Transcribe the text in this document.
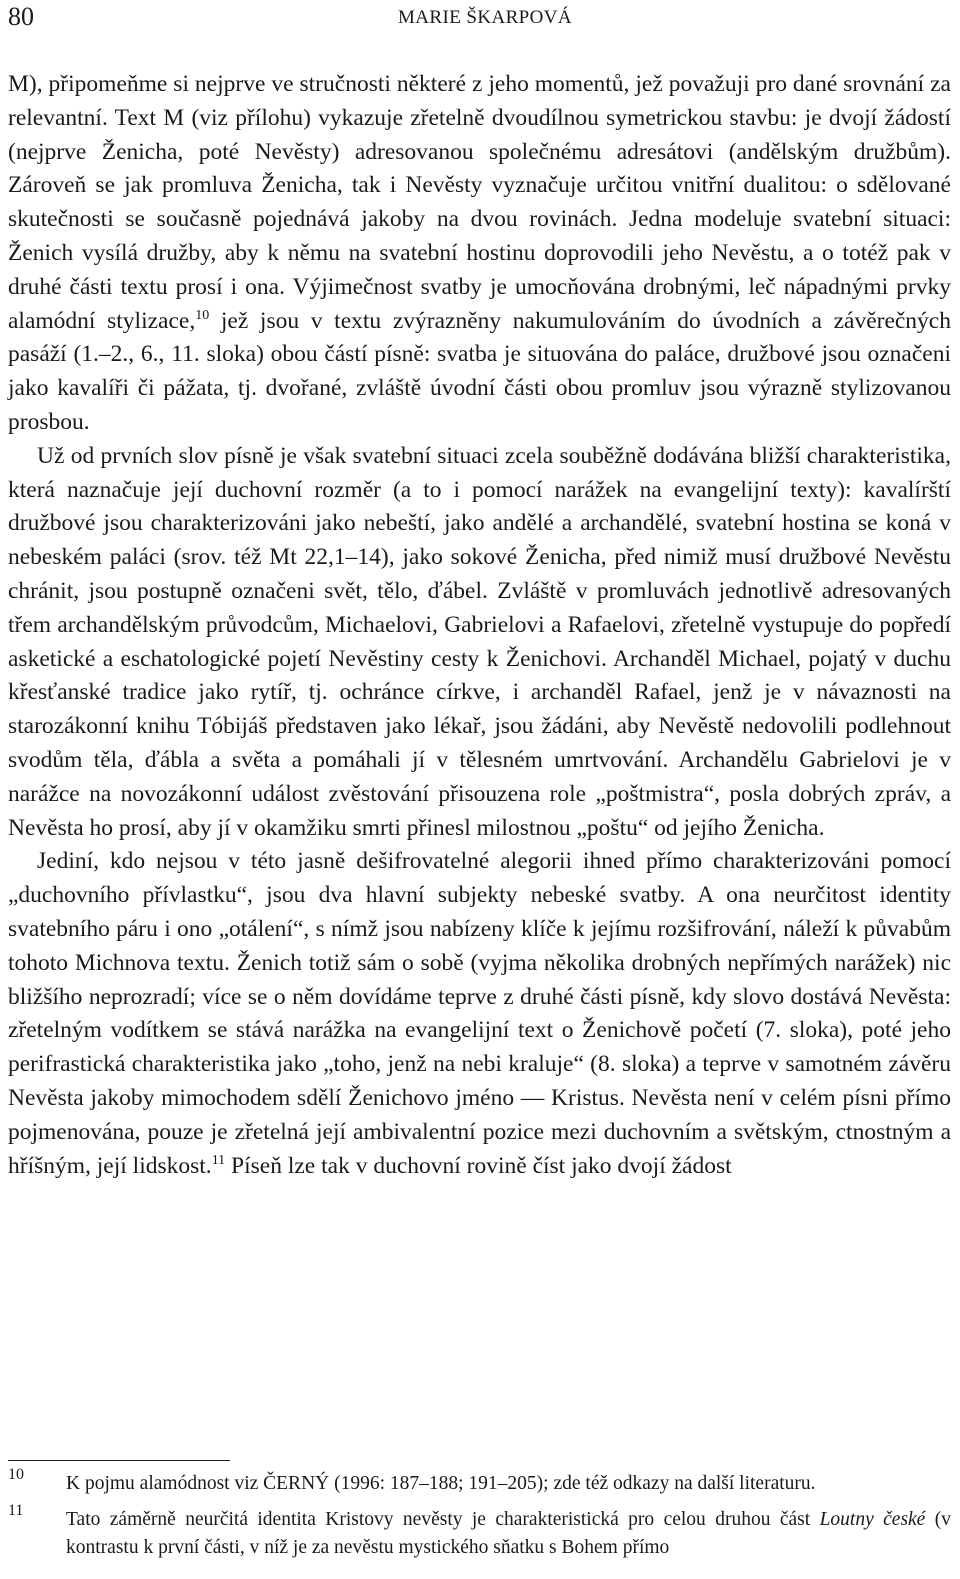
80	MARIE ŠKARPOVÁ

M), připomeňme si nejprve ve stručnosti některé z jeho momentů, jež považuji pro dané srovnání za relevantní. Text M (viz přílohu) vykazuje zřetelně dvoudílnou symetrickou stavbu: je dvojí žádostí (nejprve Ženicha, poté Nevěsty) adresovanou společnému adresátovi (andělským družbům). Zároveň se jak promluva Ženicha, tak i Nevěsty vyznačuje určitou vnitřní dualitou: o sdělované skutečnosti se současně pojednává jakoby na dvou rovinách. Jedna modeluje svatební situaci: Ženich vysílá družby, aby k němu na svatební hostinu doprovodili jeho Nevěstu, a o totéž pak v druhé části textu prosí i ona. Výjimečnost svatby je umocňována drobnými, leč nápadnými prvky alamódní stylizace,$^{10}$ jež jsou v textu zvýrazněny nakumulováním do úvodních a závěrečných pasáží (1.–2., 6., 11. sloka) obou částí písně: svatba je situována do paláce, družbové jsou označeni jako kavalíři či pážata, tj. dvořané, zvláště úvodní části obou promluv jsou výrazně stylizovanou prosbou.

Už od prvních slov písně je však svatební situaci zcela souběžně dodávána bližší charakteristika, která naznačuje její duchovní rozměr (a to i pomocí narážek na evangelijní texty): kavalírští družbové jsou charakterizováni jako nebeští, jako andělé a archandělé, svatební hostina se koná v nebeském paláci (srov. též Mt 22,1–14), jako sokové Ženicha, před nimiž musí družbové Nevěstu chránit, jsou postupně označeni svět, tělo, ďábel. Zvláště v promluvách jednotlivě adresovaných třem archandělským průvodcům, Michaelovi, Gabrielovi a Rafaelovi, zřetelně vystupuje do popředí asketické a eschatologické pojetí Nevěstiny cesty k Ženichovi. Archanděl Michael, pojatý v duchu křesťanské tradice jako rytíř, tj. ochránce církve, i archanděl Rafael, jenž je v návaznosti na starozákonní knihu Tóbijáš představen jako lékař, jsou žádáni, aby Nevěstě nedovolili podlehnout svodům těla, ďábla a světa a pomáhali jí v tělesném umrtvování. Archandělu Gabrielovi je v narážce na novozákonní událost zvěstování přisouzena role „poštmistra“, posla dobrých zpráv, a Nevěsta ho prosí, aby jí v okamžiku smrti přinesl milostnou „poštu“ od jejího Ženicha.

Jediní, kdo nejsou v této jasně dešifrovatelné alegorii ihned přímo charakterizováni pomocí „duchovního přívlastku“, jsou dva hlavní subjekty nebeské svatby. A ona neurčitost identity svatebního páru i ono „otálení“, s nímž jsou nabízeny klíče k jejímu rozšifrování, náleží k půvabům tohoto Michnova textu. Ženich totiž sám o sobě (vyjma několika drobných nepřímých narážek) nic bližšího neprozradí; více se o něm dovídáme teprve z druhé části písně, kdy slovo dostává Nevěsta: zřetelným vodítkem se stává narážka na evangelijní text o Ženichově početí (7. sloka), poté jeho perifrastická charakteristika jako „toho, jenž na nebi kraluje“ (8. sloka) a teprve v samotném závěru Nevěsta jakoby mimochodem sdělí Ženichovo jméno — Kristus. Nevěsta není v celém písni přímo pojmenována, pouze je zřetelná její ambivalentní pozice mezi duchovním a světským, ctnostným a hříšným, její lidskost.$^{11}$ Píseň lze tak v duchovní rovině číst jako dvojí žádost

10 K pojmu alamódnost viz ČERNÝ (1996: 187–188; 191–205); zde též odkazy na další literaturu.
11 Tato záměrně neurčitá identita Kristovy nevěsty je charakteristická pro celou druhou část Loutny české (v kontrastu k první části, v níž je za nevěstu mystického sňatku s Bohem přímo
